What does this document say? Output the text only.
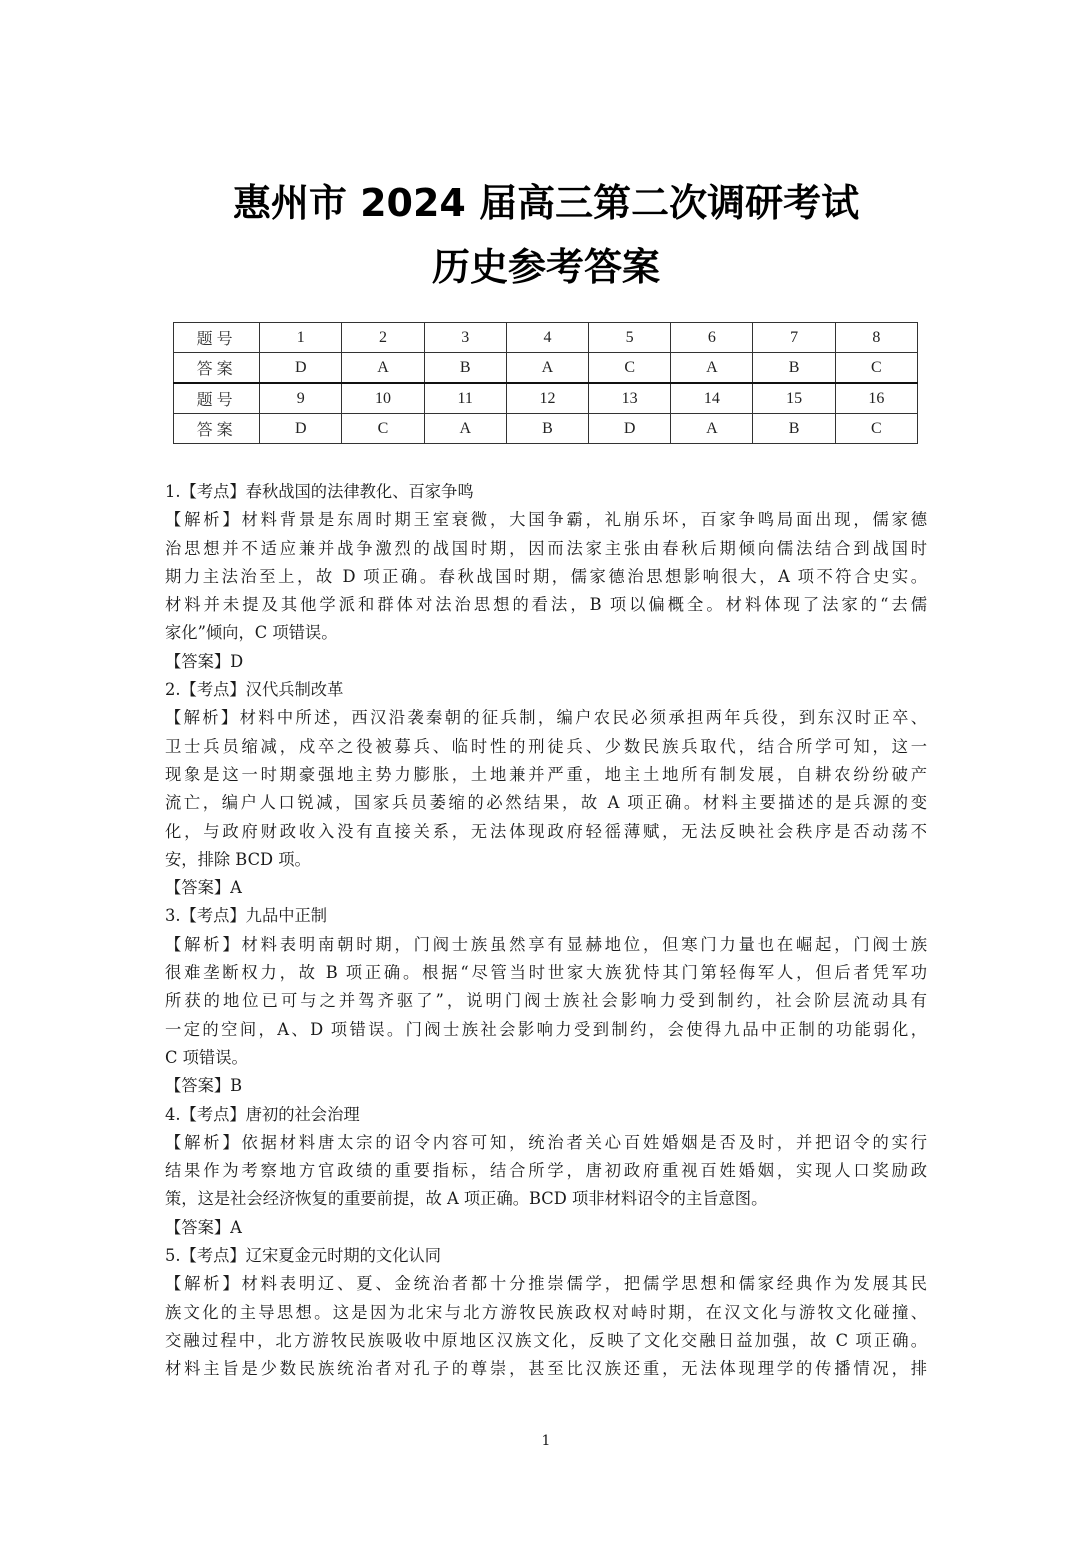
惠州市 2024 届高三第二次调研考试
历史参考答案
题号	1	2	3	4	5	6	7	8
答案	D	A	B	A	C	A	B	C
题号	9	10	11	12	13	14	15	16
答案	D	C	A	B	D	A	B	C
1.【考点】春秋战国的法律教化、百家争鸣
【解析】材料背景是东周时期王室衰微，大国争霸，礼崩乐坏，百家争鸣局面出现，儒家德
治思想并不适应兼并战争激烈的战国时期，因而法家主张由春秋后期倾向儒法结合到战国时
期力主法治至上，故 D 项正确。春秋战国时期，儒家德治思想影响很大，A 项不符合史实。
材料并未提及其他学派和群体对法治思想的看法，B 项以偏概全。材料体现了法家的“去儒
家化”倾向，C 项错误。
【答案】D
2.【考点】汉代兵制改革
【解析】材料中所述，西汉沿袭秦朝的征兵制，编户农民必须承担两年兵役，到东汉时正卒、
卫士兵员缩减，戍卒之役被募兵、临时性的刑徒兵、少数民族兵取代，结合所学可知，这一
现象是这一时期豪强地主势力膨胀，土地兼并严重，地主土地所有制发展，自耕农纷纷破产
流亡，编户人口锐减，国家兵员萎缩的必然结果，故 A 项正确。材料主要描述的是兵源的变
化，与政府财政收入没有直接关系，无法体现政府轻徭薄赋，无法反映社会秩序是否动荡不
安，排除 BCD 项。
【答案】A
3.【考点】九品中正制
【解析】材料表明南朝时期，门阀士族虽然享有显赫地位，但寒门力量也在崛起，门阀士族
很难垄断权力，故 B 项正确。根据“尽管当时世家大族犹恃其门第轻侮军人，但后者凭军功
所获的地位已可与之并驾齐驱了”，说明门阀士族社会影响力受到制约，社会阶层流动具有
一定的空间，A、D 项错误。门阀士族社会影响力受到制约，会使得九品中正制的功能弱化，
C 项错误。
【答案】B
4.【考点】唐初的社会治理
【解析】依据材料唐太宗的诏令内容可知，统治者关心百姓婚姻是否及时，并把诏令的实行
结果作为考察地方官政绩的重要指标，结合所学，唐初政府重视百姓婚姻，实现人口奖励政
策，这是社会经济恢复的重要前提，故 A 项正确。BCD 项非材料诏令的主旨意图。
【答案】A
5.【考点】辽宋夏金元时期的文化认同
【解析】材料表明辽、夏、金统治者都十分推崇儒学，把儒学思想和儒家经典作为发展其民
族文化的主导思想。这是因为北宋与北方游牧民族政权对峙时期，在汉文化与游牧文化碰撞、
交融过程中，北方游牧民族吸收中原地区汉族文化，反映了文化交融日益加强，故 C 项正确。
材料主旨是少数民族统治者对孔子的尊崇，甚至比汉族还重，无法体现理学的传播情况，排
1
